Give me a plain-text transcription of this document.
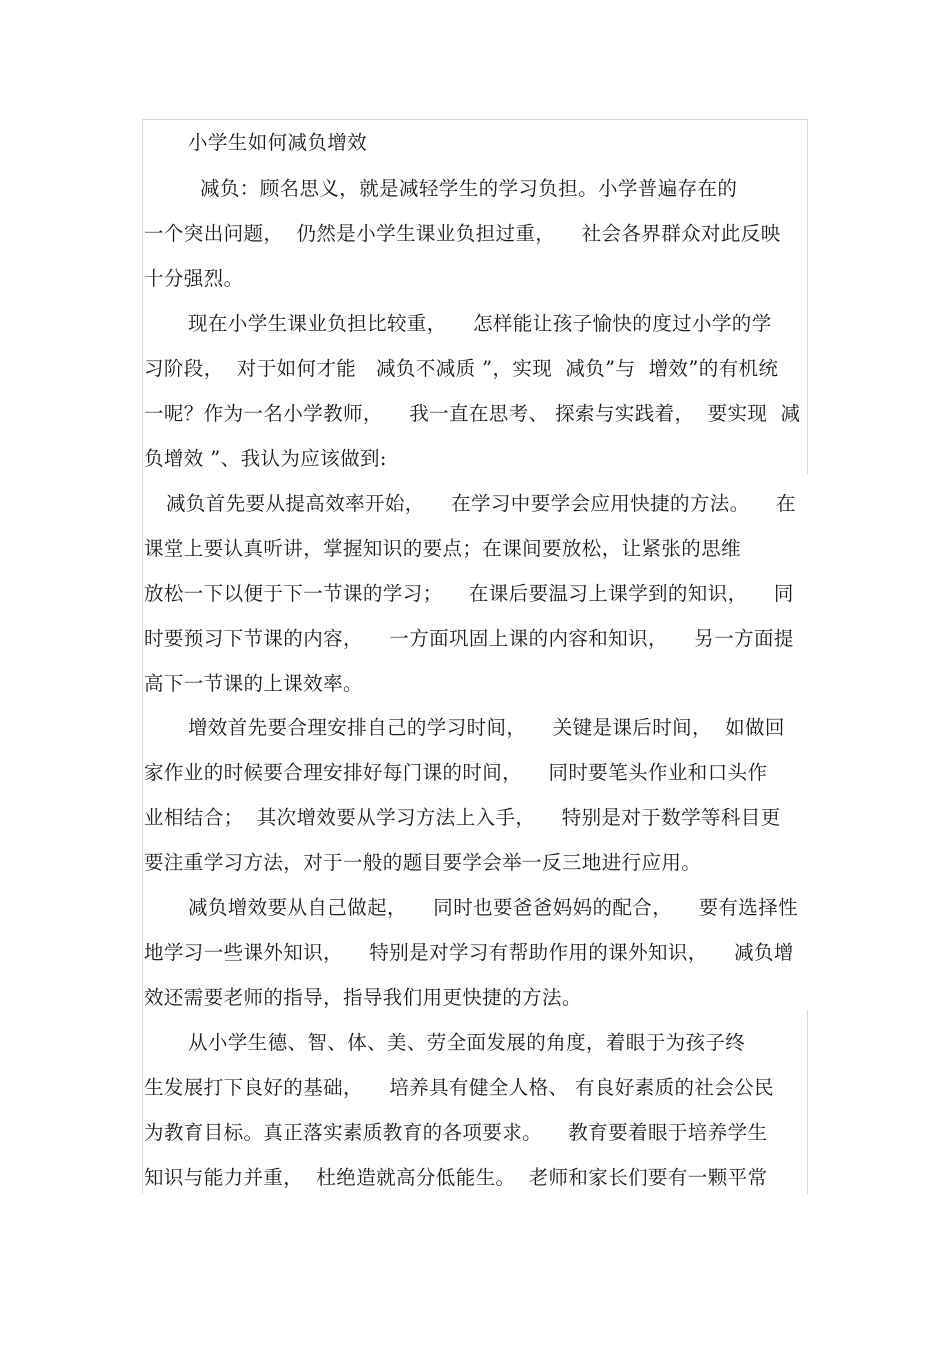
小学生如何减负增效
减负：顾名思义，就是减轻学生的学习负担。小学普遍存在的
一个突出问题，  仍然是小学生课业负担过重，    社会各界群众对此反映
十分强烈。
现在小学生课业负担比较重，    怎样能让孩子愉快的度过小学的学
习阶段，  对于如何才能   减负不减质 ”，实现  减负”与  增效”的有机统
一呢？作为一名小学教师，    我一直在思考、 探索与实践着，  要实现  减
负增效 ”、我认为应该做到:
减负首先要从提高效率开始，    在学习中要学会应用快捷的方法。    在
课堂上要认真听讲，掌握知识的要点；在课间要放松，让紧张的思维
放松一下以便于下一节课的学习；    在课后要温习上课学到的知识，    同
时要预习下节课的内容，    一方面巩固上课的内容和知识，    另一方面提
高下一节课的上课效率。
增效首先要合理安排自己的学习时间，    关键是课后时间，  如做回
家作业的时候要合理安排好每门课的时间，    同时要笔头作业和口头作
业相结合；  其次增效要从学习方法上入手，    特别是对于数学等科目更
要注重学习方法，对于一般的题目要学会举一反三地进行应用。
减负增效要从自己做起，    同时也要爸爸妈妈的配合，    要有选择性
地学习一些课外知识，    特别是对学习有帮助作用的课外知识，    减负增
效还需要老师的指导，指导我们用更快捷的方法。
从小学生德、智、体、美、劳全面发展的角度，着眼于为孩子终
生发展打下良好的基础，    培养具有健全人格、 有良好素质的社会公民
为教育目标。真正落实素质教育的各项要求。    教育要着眼于培养学生
知识与能力并重，  杜绝造就高分低能生。  老师和家长们要有一颗平常
